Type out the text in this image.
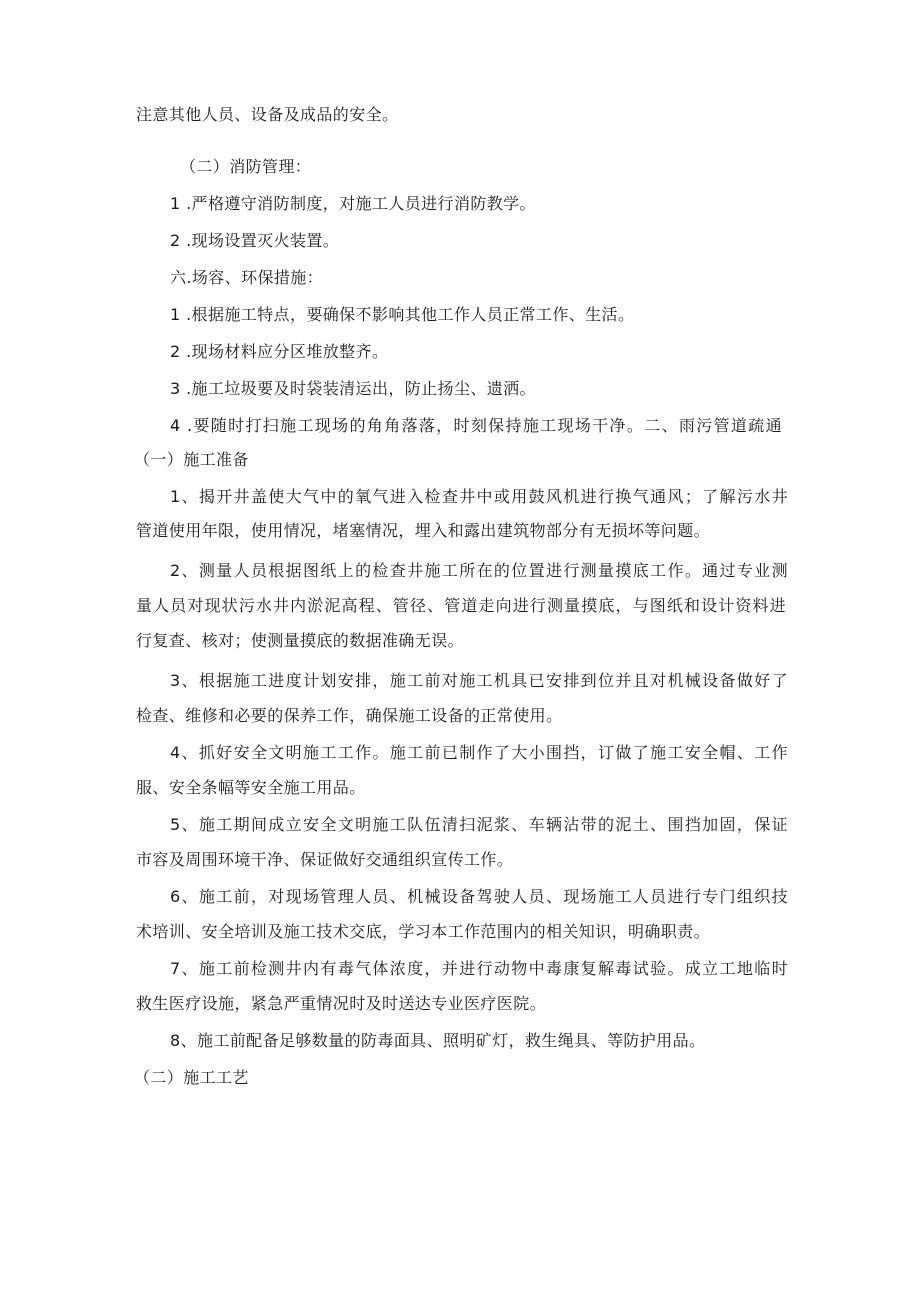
注意其他人员、设备及成品的安全。
（二）消防管理：
1 .严格遵守消防制度，对施工人员进行消防教学。
2 .现场设置灭火装置。
六.场容、环保措施：
1 .根据施工特点，要确保不影响其他工作人员正常工作、生活。
2 .现场材料应分区堆放整齐。
3 .施工垃圾要及时袋装清运出，防止扬尘、遗洒。
4 .要随时打扫施工现场的角角落落，时刻保持施工现场干净。二、雨污管道疏通
（一）施工准备
1、揭开井盖使大气中的氧气进入检查井中或用鼓风机进行换气通风；了解污水井
管道使用年限，使用情况，堵塞情况，埋入和露出建筑物部分有无损坏等问题。
2、测量人员根据图纸上的检查井施工所在的位置进行测量摸底工作。通过专业测
量人员对现状污水井内淤泥高程、管径、管道走向进行测量摸底，与图纸和设计资料进
行复查、核对；使测量摸底的数据准确无误。
3、根据施工进度计划安排，施工前对施工机具已安排到位并且对机械设备做好了
检查、维修和必要的保养工作，确保施工设备的正常使用。
4、抓好安全文明施工工作。施工前已制作了大小围挡，订做了施工安全帽、工作
服、安全条幅等安全施工用品。
5、施工期间成立安全文明施工队伍清扫泥浆、车辆沾带的泥土、围挡加固，保证
市容及周围环境干净、保证做好交通组织宣传工作。
6、施工前，对现场管理人员、机械设备驾驶人员、现场施工人员进行专门组织技
术培训、安全培训及施工技术交底，学习本工作范围内的相关知识，明确职责。
7、施工前检测井内有毒气体浓度，并进行动物中毒康复解毒试验。成立工地临时
救生医疗设施，紧急严重情况时及时送达专业医疗医院。
8、施工前配备足够数量的防毒面具、照明矿灯，救生绳具、等防护用品。
（二）施工工艺
